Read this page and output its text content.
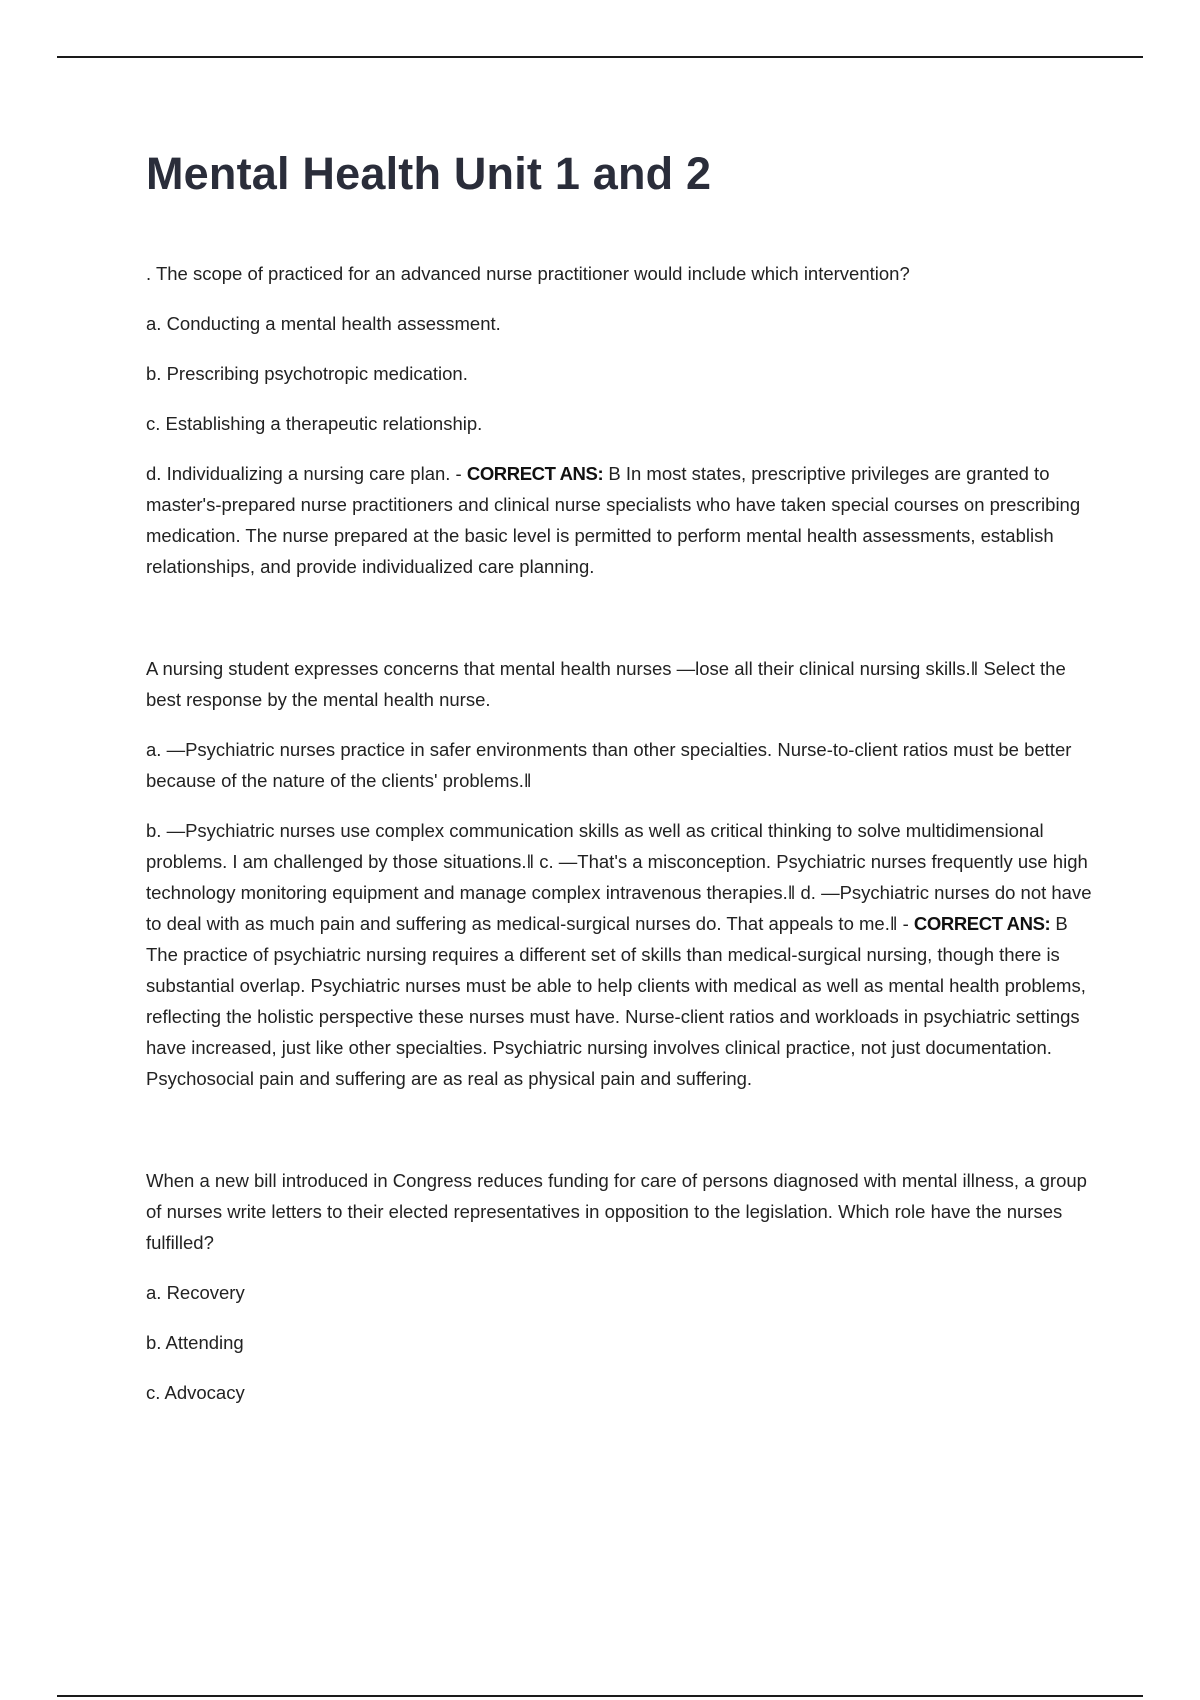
Mental Health Unit 1 and 2

. The scope of practiced for an advanced nurse practitioner would include which intervention?

a. Conducting a mental health assessment.

b. Prescribing psychotropic medication.

c. Establishing a therapeutic relationship.

d. Individualizing a nursing care plan. - CORRECT ANS: B In most states, prescriptive privileges are granted to master's-prepared nurse practitioners and clinical nurse specialists who have taken special courses on prescribing medication. The nurse prepared at the basic level is permitted to perform mental health assessments, establish relationships, and provide individualized care planning.

A nursing student expresses concerns that mental health nurses ―lose all their clinical nursing skills.‖ Select the best response by the mental health nurse.

a. ―Psychiatric nurses practice in safer environments than other specialties. Nurse-to-client ratios must be better because of the nature of the clients' problems.‖

b. ―Psychiatric nurses use complex communication skills as well as critical thinking to solve multidimensional problems. I am challenged by those situations.‖ c. ―That's a misconception. Psychiatric nurses frequently use high technology monitoring equipment and manage complex intravenous therapies.‖ d. ―Psychiatric nurses do not have to deal with as much pain and suffering as medical-surgical nurses do. That appeals to me.‖ - CORRECT ANS: B The practice of psychiatric nursing requires a different set of skills than medical-surgical nursing, though there is substantial overlap. Psychiatric nurses must be able to help clients with medical as well as mental health problems, reflecting the holistic perspective these nurses must have. Nurse-client ratios and workloads in psychiatric settings have increased, just like other specialties. Psychiatric nursing involves clinical practice, not just documentation. Psychosocial pain and suffering are as real as physical pain and suffering.

When a new bill introduced in Congress reduces funding for care of persons diagnosed with mental illness, a group of nurses write letters to their elected representatives in opposition to the legislation. Which role have the nurses fulfilled?

a. Recovery

b. Attending

c. Advocacy
